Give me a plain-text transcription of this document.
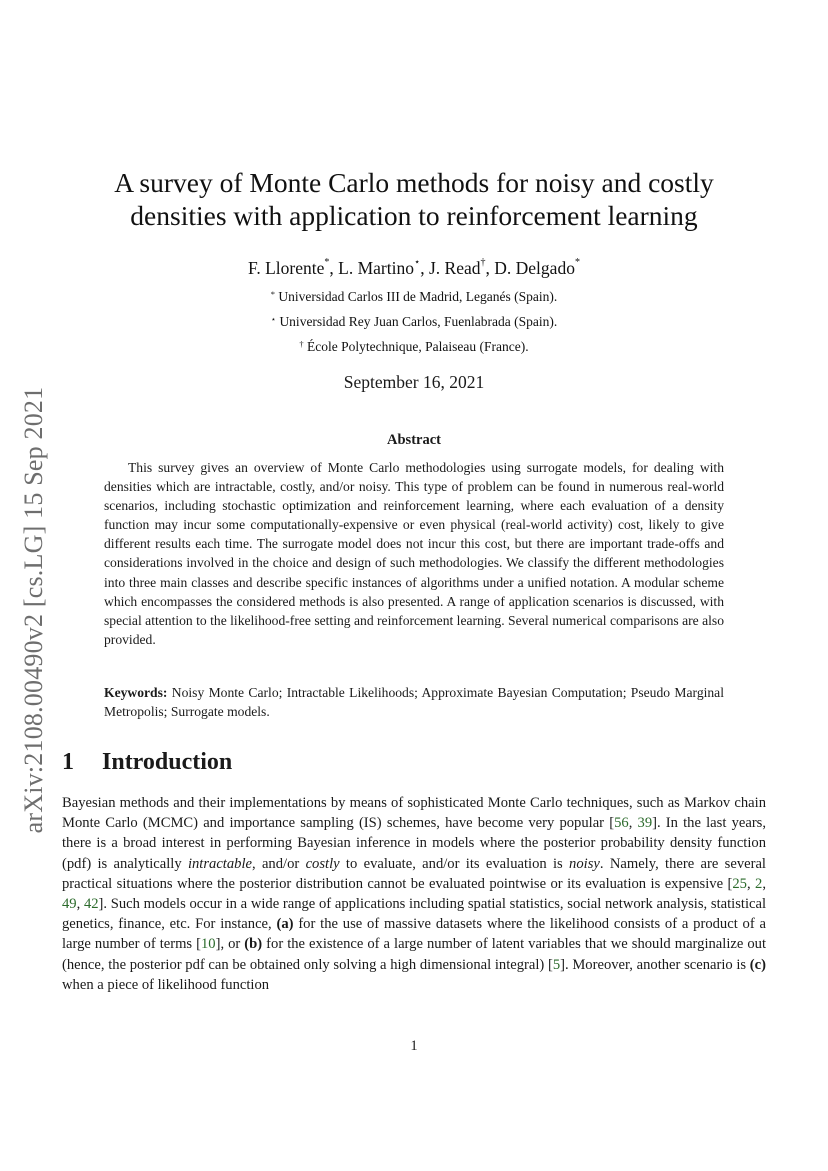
arXiv:2108.00490v2 [cs.LG] 15 Sep 2021
A survey of Monte Carlo methods for noisy and costly
densities with application to reinforcement learning
F. Llorente*, L. Martino⋆, J. Read†, D. Delgado*
* Universidad Carlos III de Madrid, Leganés (Spain).
⋆ Universidad Rey Juan Carlos, Fuenlabrada (Spain).
† École Polytechnique, Palaiseau (France).
September 16, 2021
Abstract
This survey gives an overview of Monte Carlo methodologies using surrogate models, for dealing with densities which are intractable, costly, and/or noisy. This type of problem can be found in numerous real-world scenarios, including stochastic optimization and reinforcement learning, where each evaluation of a density function may incur some computationally-expensive or even physical (real-world activity) cost, likely to give different results each time. The surrogate model does not incur this cost, but there are important trade-offs and considerations involved in the choice and design of such methodologies. We classify the different methodologies into three main classes and describe specific instances of algorithms under a unified notation. A modular scheme which encompasses the considered methods is also presented. A range of application scenarios is discussed, with special attention to the likelihood-free setting and reinforcement learning. Several numerical comparisons are also provided.
Keywords: Noisy Monte Carlo; Intractable Likelihoods; Approximate Bayesian Computation; Pseudo Marginal Metropolis; Surrogate models.
1 Introduction
Bayesian methods and their implementations by means of sophisticated Monte Carlo techniques, such as Markov chain Monte Carlo (MCMC) and importance sampling (IS) schemes, have become very popular [56, 39]. In the last years, there is a broad interest in performing Bayesian inference in models where the posterior probability density function (pdf) is analytically intractable, and/or costly to evaluate, and/or its evaluation is noisy. Namely, there are several practical situations where the posterior distribution cannot be evaluated pointwise or its evaluation is expensive [25, 2, 49, 42]. Such models occur in a wide range of applications including spatial statistics, social network analysis, statistical genetics, finance, etc. For instance, (a) for the use of massive datasets where the likelihood consists of a product of a large number of terms [10], or (b) for the existence of a large number of latent variables that we should marginalize out (hence, the posterior pdf can be obtained only solving a high dimensional integral) [5]. Moreover, another scenario is (c) when a piece of likelihood function
1
